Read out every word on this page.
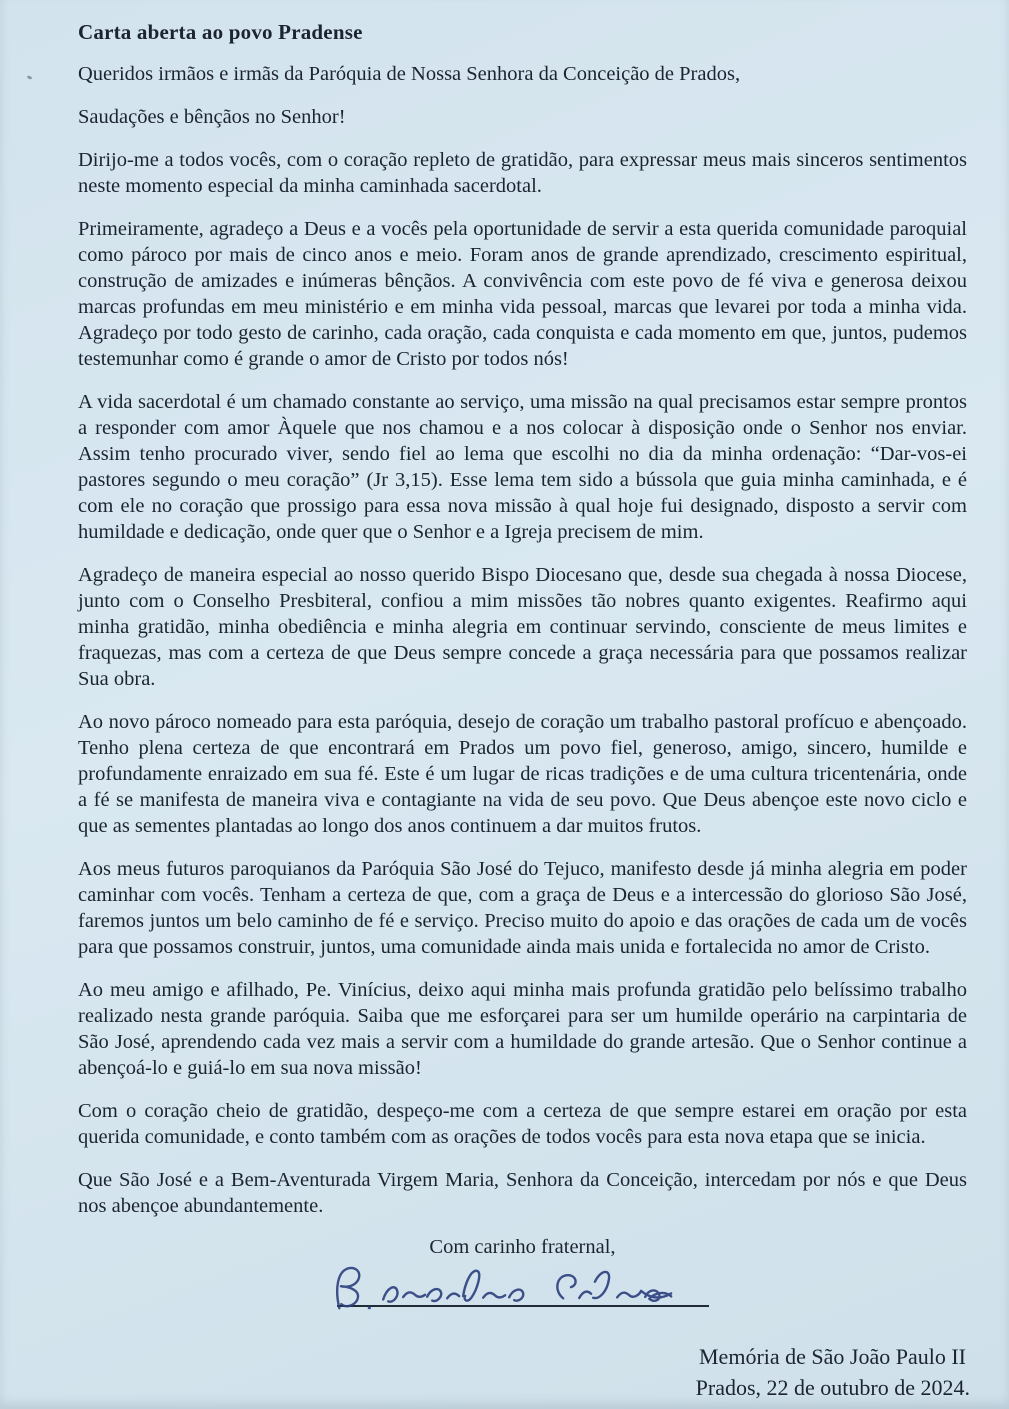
Carta aberta ao povo Pradense

Queridos irmãos e irmãs da Paróquia de Nossa Senhora da Conceição de Prados,

Saudações e bênçãos no Senhor!

Dirijo-me a todos vocês, com o coração repleto de gratidão, para expressar meus mais sinceros sentimentos neste momento especial da minha caminhada sacerdotal.

Primeiramente, agradeço a Deus e a vocês pela oportunidade de servir a esta querida comunidade paroquial como pároco por mais de cinco anos e meio. Foram anos de grande aprendizado, crescimento espiritual, construção de amizades e inúmeras bênçãos. A convivência com este povo de fé viva e generosa deixou marcas profundas em meu ministério e em minha vida pessoal, marcas que levarei por toda a minha vida. Agradeço por todo gesto de carinho, cada oração, cada conquista e cada momento em que, juntos, pudemos testemunhar como é grande o amor de Cristo por todos nós!

A vida sacerdotal é um chamado constante ao serviço, uma missão na qual precisamos estar sempre prontos a responder com amor Àquele que nos chamou e a nos colocar à disposição onde o Senhor nos enviar. Assim tenho procurado viver, sendo fiel ao lema que escolhi no dia da minha ordenação: “Dar-vos-ei pastores segundo o meu coração” (Jr 3,15). Esse lema tem sido a bússola que guia minha caminhada, e é com ele no coração que prossigo para essa nova missão à qual hoje fui designado, disposto a servir com humildade e dedicação, onde quer que o Senhor e a Igreja precisem de mim.

Agradeço de maneira especial ao nosso querido Bispo Diocesano que, desde sua chegada à nossa Diocese, junto com o Conselho Presbiteral, confiou a mim missões tão nobres quanto exigentes. Reafirmo aqui minha gratidão, minha obediência e minha alegria em continuar servindo, consciente de meus limites e fraquezas, mas com a certeza de que Deus sempre concede a graça necessária para que possamos realizar Sua obra.

Ao novo pároco nomeado para esta paróquia, desejo de coração um trabalho pastoral profícuo e abençoado. Tenho plena certeza de que encontrará em Prados um povo fiel, generoso, amigo, sincero, humilde e profundamente enraizado em sua fé. Este é um lugar de ricas tradições e de uma cultura tricentenária, onde a fé se manifesta de maneira viva e contagiante na vida de seu povo. Que Deus abençoe este novo ciclo e que as sementes plantadas ao longo dos anos continuem a dar muitos frutos.

Aos meus futuros paroquianos da Paróquia São José do Tejuco, manifesto desde já minha alegria em poder caminhar com vocês. Tenham a certeza de que, com a graça de Deus e a intercessão do glorioso São José, faremos juntos um belo caminho de fé e serviço. Preciso muito do apoio e das orações de cada um de vocês para que possamos construir, juntos, uma comunidade ainda mais unida e fortalecida no amor de Cristo.

Ao meu amigo e afilhado, Pe. Vinícius, deixo aqui minha mais profunda gratidão pelo belíssimo trabalho realizado nesta grande paróquia. Saiba que me esforçarei para ser um humilde operário na carpintaria de São José, aprendendo cada vez mais a servir com a humildade do grande artesão. Que o Senhor continue a abençoá-lo e guiá-lo em sua nova missão!

Com o coração cheio de gratidão, despeço-me com a certeza de que sempre estarei em oração por esta querida comunidade, e conto também com as orações de todos vocês para esta nova etapa que se inicia.

Que São José e a Bem-Aventurada Virgem Maria, Senhora da Conceição, intercedam por nós e que Deus nos abençoe abundantemente.

Com carinho fraternal,

Memória de São João Paulo II

Prados, 22 de outubro de 2024.
